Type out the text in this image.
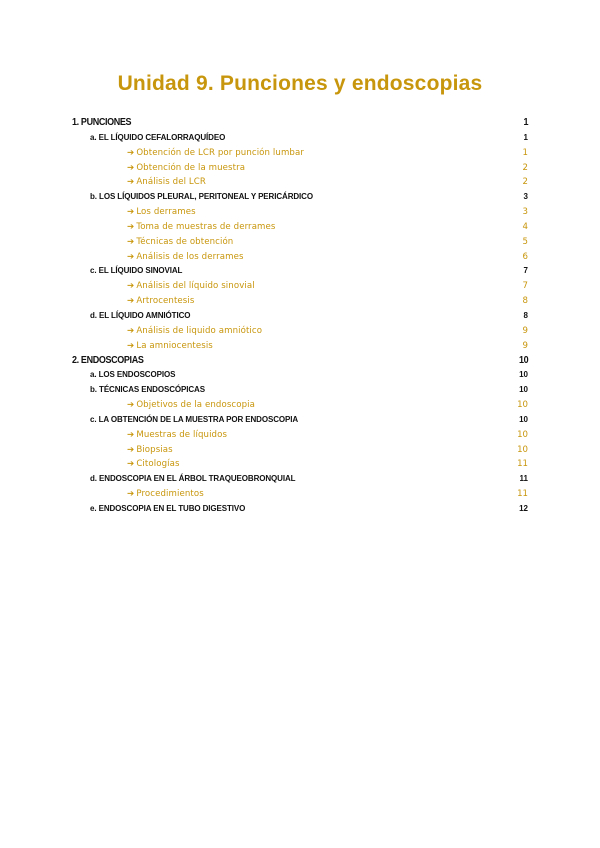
Unidad 9. Punciones y endoscopias
1. PUNCIONES	1
a. EL LÍQUIDO CEFALORRAQUÍDEO	1
➔ Obtención de LCR por punción lumbar	1
➔ Obtención de la muestra	2
➔ Análisis del LCR	2
b. LOS LÍQUIDOS PLEURAL, PERITONEAL Y PERICÁRDICO	3
➔ Los derrames	3
➔ Toma de muestras de derrames	4
➔ Técnicas de obtención	5
➔ Análisis de los derrames	6
c. EL LÍQUIDO SINOVIAL	7
➔ Análisis del líquido sinovial	7
➔ Artrocentesis	8
d. EL LÍQUIDO AMNIÓTICO	8
➔ Análisis de liquido amniótico	9
➔ La amniocentesis	9
2. ENDOSCOPIAS	10
a. LOS ENDOSCOPIOS	10
b. TÉCNICAS ENDOSCÓPICAS	10
➔ Objetivos de la endoscopia	10
c. LA OBTENCIÓN DE LA MUESTRA POR ENDOSCOPIA	10
➔ Muestras de líquidos	10
➔ Biopsias	10
➔ Citologías	11
d. ENDOSCOPIA EN EL ÁRBOL TRAQUEOBRONQUIAL	11
➔ Procedimientos	11
e. ENDOSCOPIA EN EL TUBO DIGESTIVO	12
